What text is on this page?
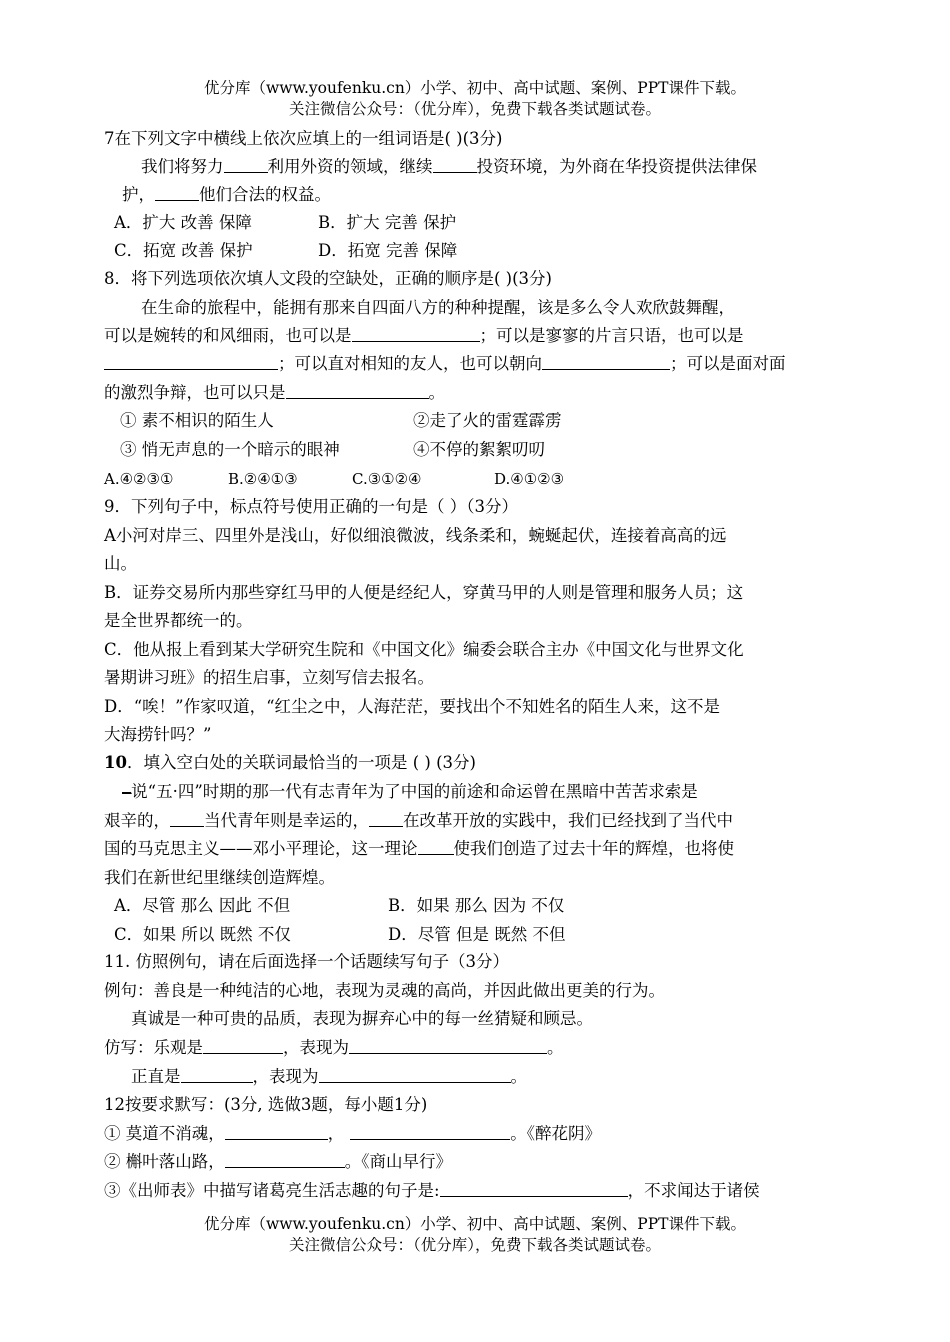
优分库（www.youfenku.cn）小学、初中、高中试题、案例、PPT课件下载。
关注微信公众号：（优分库），免费下载各类试题试卷。
7在下列文字中横线上依次应填上的一组词语是( )(3分)
我们将努力	利用外资的领域，继续	投资环境，为外商在华投资提供法律保
护，	他们合法的权益。
A．扩大 改善 保障	B．扩大 完善 保护
C．拓宽 改善 保护	D．拓宽 完善 保障
8．将下列选项依次填人文段的空缺处，正确的顺序是( )(3分)
在生命的旅程中，能拥有那来自四面八方的种种提醒，该是多么令人欢欣鼓舞醒，
可以是婉转的和风细雨，也可以是	；可以是寥寥的片言只语，也可以是
；可以直对相知的友人，也可以朝向	；可以是面对面
的激烈争辩，也可以只是	。
① 素不相识的陌生人	②走了火的雷霆霹雳
③ 悄无声息的一个暗示的眼神	④不停的絮絮叨叨
A.④②③①	B.②④①③	C.③①②④	D.④①②③
9．下列句子中，标点符号使用正确的一句是（ ）（3分）
A小河对岸三、四里外是浅山，好似细浪微波，线条柔和，蜿蜒起伏，连接着高高的远
山。
B．证券交易所内那些穿红马甲的人便是经纪人，穿黄马甲的人则是管理和服务人员；这
是全世界都统一的。
C．他从报上看到某大学研究生院和《中国文化》编委会联合主办《中国文化与世界文化
暑期讲习班》的招生启事，立刻写信去报名。
D．“唉！”作家叹道，“红尘之中，人海茫茫，要找出个不知姓名的陌生人来，这不是
大海捞针吗？”
10．填入空白处的关联词最恰当的一项是 ( ) (3分)
---说“五·四”时期的那一代有志青年为了中国的前途和命运曾在黑暗中苦苦求索是
艰辛的， 当代青年则是幸运的， 在改革开放的实践中，我们已经找到了当代中
国的马克思主义——邓小平理论，这一理论 使我们创造了过去十年的辉煌，也将使
我们在新世纪里继续创造辉煌。
A．尽管 那么 因此 不但	B．如果 那么 因为 不仅
C．如果 所以 既然 不仅	D．尽管 但是 既然 不但
11. 仿照例句，请在后面选择一个话题续写句子（3分）
例句：善良是一种纯洁的心地，表现为灵魂的高尚，并因此做出更美的行为。
真诚是一种可贵的品质，表现为摒弃心中的每一丝猜疑和顾忌。
仿写：乐观是	，表现为	。
正直是	，表现为	。
12按要求默写：(3分, 选做3题，每小题1分)
① 莫道不消魂，	，	。《醉花阴》
② 槲叶落山路，	。《商山早行》
③《出师表》中描写诸葛亮生活志趣的句子是:	，不求闻达于诸侯
优分库（www.youfenku.cn）小学、初中、高中试题、案例、PPT课件下载。
关注微信公众号：（优分库），免费下载各类试题试卷。
